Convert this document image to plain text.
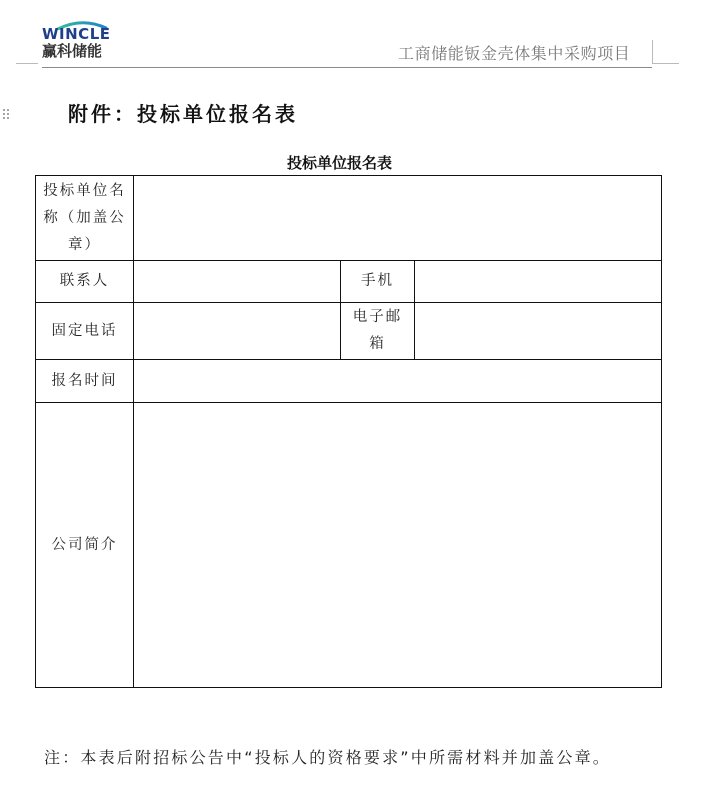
WINCLE
赢科储能	工商储能钣金壳体集中采购项目
附件：投标单位报名表
投标单位报名表
投标单位名称（加盖公章）			
联系人		手机	
固定电话		电子邮箱	
报名时间			
公司简介			
注：本表后附招标公告中“投标人的资格要求”中所需材料并加盖公章。
